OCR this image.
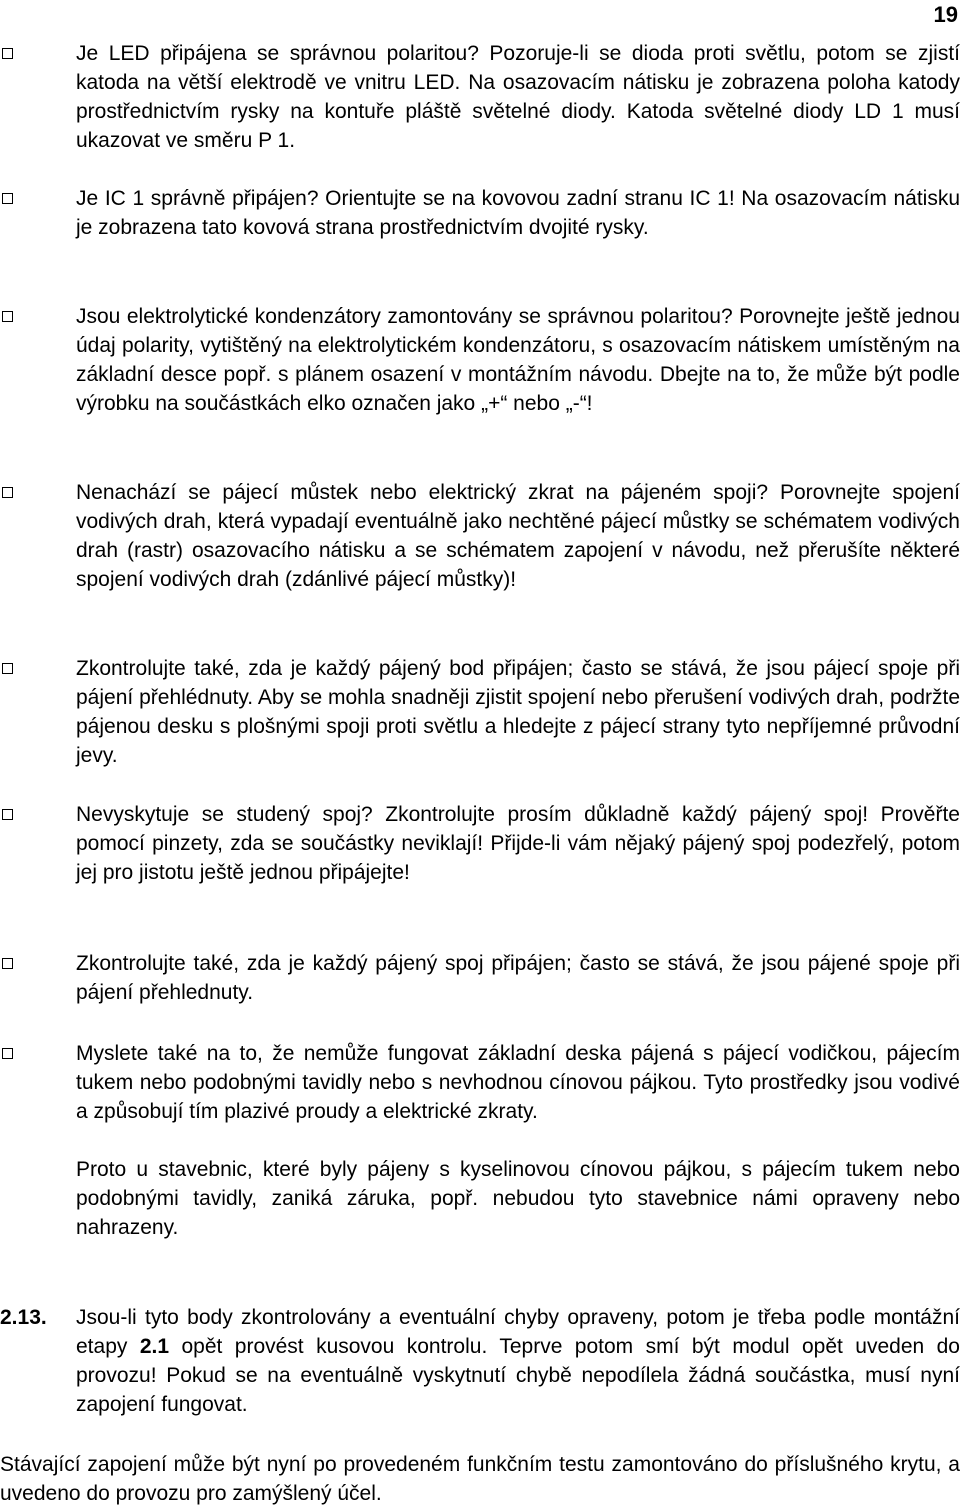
19
Je LED připájena se správnou polaritou? Pozoruje-li se dioda proti světlu, potom se zjistí katoda na větší elektrodě ve vnitru LED. Na osazovacím nátisku je zobrazena poloha katody prostřednictvím rysky na kontuře pláště světelné diody. Katoda světelné diody LD 1 musí ukazovat ve směru P 1.
Je IC 1 správně připájen? Orientujte se na kovovou zadní stranu IC 1! Na osazovacím nátisku je zobrazena tato kovová strana prostřednictvím dvojité rysky.
Jsou elektrolytické kondenzátory zamontovány se správnou polaritou? Porovnejte ještě jednou údaj polarity, vytištěný na elektrolytickém kondenzátoru, s osazovacím nátiskem umístěným na základní desce popř. s plánem osazení v montážním návodu. Dbejte na to, že může být podle výrobku na součástkách elko označen jako „+“ nebo „-“!
Nenachází se pájecí můstek nebo elektrický zkrat na pájeném spoji? Porovnejte spojení vodivých drah, která vypadají eventuálně jako nechtěné pájecí můstky se schématem vodivých drah (rastr) osazovacího nátisku a se schématem zapojení v návodu, než přerušíte některé spojení vodivých drah (zdánlivé pájecí můstky)!
Zkontrolujte také, zda je každý pájený bod připájen; často se stává, že jsou pájecí spoje při pájení přehlédnuty. Aby se mohla snadněji zjistit spojení nebo přerušení vodivých drah, podržte pájenou desku s plošnými spoji proti světlu a hledejte z pájecí strany tyto nepříjemné průvodní jevy.
Nevyskytuje se studený spoj? Zkontrolujte prosím důkladně každý pájený spoj! Prověřte pomocí pinzety, zda se součástky neviklají! Přijde-li vám nějaký pájený spoj podezřelý, potom jej pro jistotu ještě jednou připájejte!
Zkontrolujte také, zda je každý pájený spoj připájen; často se stává, že jsou pájené spoje při pájení přehlednuty.

Myslete také na to, že nemůže fungovat základní deska pájená s pájecí vodičkou, pájecím tukem nebo podobnými tavidly nebo s nevhodnou cínovou pájkou. Tyto prostředky jsou vodivé a způsobují tím plazivé proudy a elektrické zkraty.

Proto u stavebnic, které byly pájeny s kyselinovou cínovou pájkou, s pájecím tukem nebo podobnými tavidly, zaniká záruka, popř. nebudou tyto stavebnice námi opraveny nebo nahrazeny.

2.13. Jsou-li tyto body zkontrolovány a eventuální chyby opraveny, potom je třeba podle montážní etapy 2.1 opět provést kusovou kontrolu. Teprve potom smí být modul opět uveden do provozu! Pokud se na eventuálně vyskytnutí chybě nepodílela žádná součástka, musí nyní zapojení fungovat.

Stávající zapojení může být nyní po provedeném funkčním testu zamontováno do příslušného krytu, a uvedeno do provozu pro zamýšlený účel.
